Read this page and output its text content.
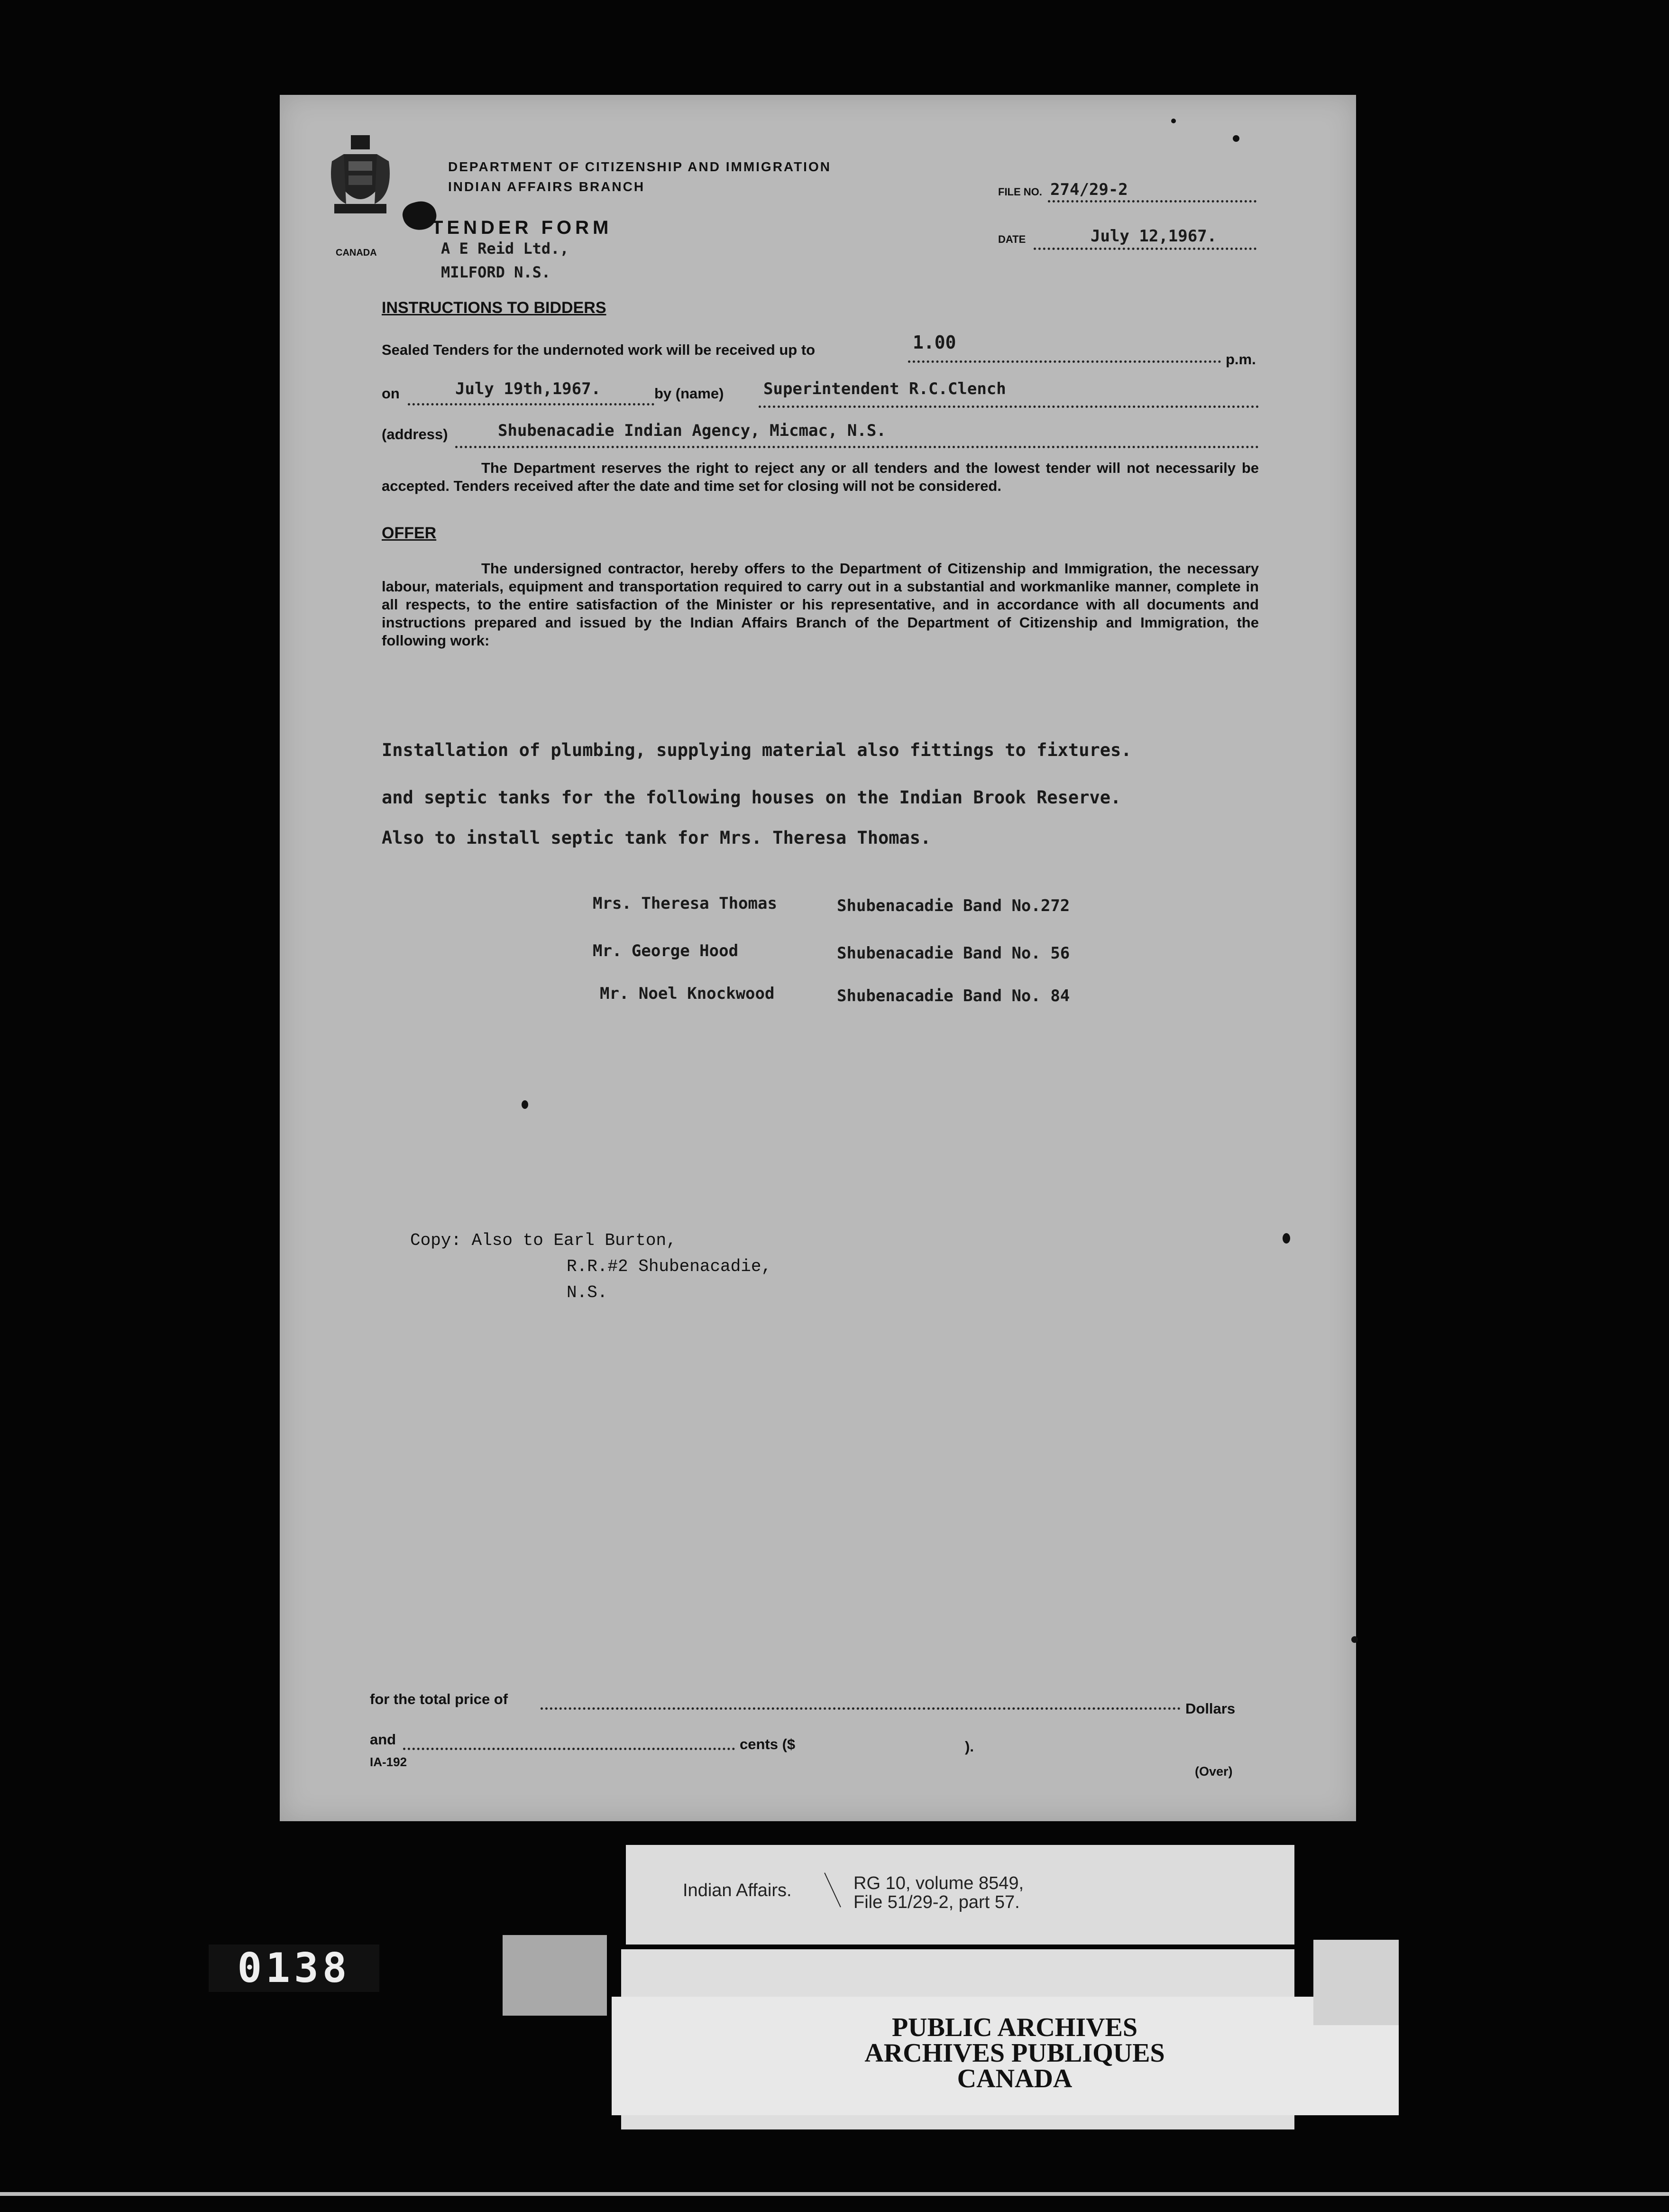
CANADA
DEPARTMENT OF CITIZENSHIP AND IMMIGRATION
INDIAN AFFAIRS BRANCH
TENDER FORM
A E Reid Ltd.,
MILFORD N.S.
FILE NO. 274/29-2
DATE	July 12,1967.
INSTRUCTIONS TO BIDDERS
Sealed Tenders for the undernoted work will be received up to	1.00
p.m.
on	July 19th,1967.	by (name) Superintendent R.C.Clench
(address)	Shubenacadie Indian Agency, Micmac, N.S.
The Department reserves the right to reject any or all tenders and the lowest tender will not necessarily be accepted. Tenders received after the date and time set for closing will not be considered.
OFFER
The undersigned contractor, hereby offers to the Department of Citizenship and Immigration, the necessary labour, materials, equipment and transportation required to carry out in a substantial and workmanlike manner, complete in all respects, to the entire satisfaction of the Minister or his representative, and in accordance with all documents and instructions prepared and issued by the Indian Affairs Branch of the Department of Citizenship and Immigration, the following work:
Installation of plumbing, supplying material also fittings to fixtures.
and septic tanks for the following houses on the Indian Brook Reserve.
Also to install septic tank for Mrs. Theresa Thomas.
Mrs. Theresa Thomas	Shubenacadie Band No.272
Mr. George Hood	Shubenacadie Band No. 56
Mr. Noel Knockwood	Shubenacadie Band No. 84
Copy: Also to Earl Burton,
R.R.#2 Shubenacadie,
N.S.
for the total price of
Dollars
and	cents ($	).
IA-192
(Over)
Indian Affairs.	RG 10, volume 8549,
File 51/29-2, part 57.
PUBLIC ARCHIVES
ARCHIVES PUBLIQUES
CANADA
0138
